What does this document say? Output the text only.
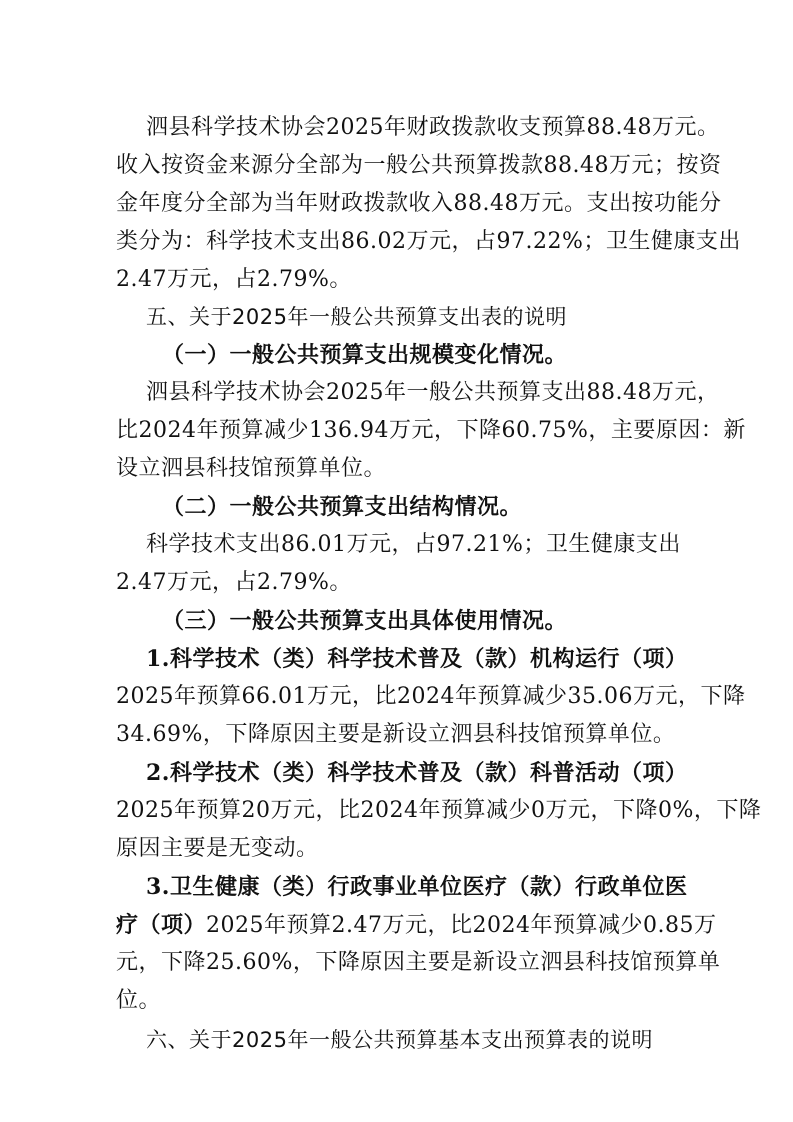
泗县科学技术协会2025年财政拨款收支预算88.48万元。
收入按资金来源分全部为一般公共预算拨款88.48万元；按资
金年度分全部为当年财政拨款收入88.48万元。支出按功能分
类分为：科学技术支出86.02万元，占97.22%；卫生健康支出
2.47万元，占2.79%。
五、关于2025年一般公共预算支出表的说明
（一）一般公共预算支出规模变化情况。
泗县科学技术协会2025年一般公共预算支出88.48万元，
比2024年预算减少136.94万元，下降60.75%，主要原因：新
设立泗县科技馆预算单位。
（二）一般公共预算支出结构情况。
科学技术支出86.01万元，占97.21%；卫生健康支出
2.47万元，占2.79%。
（三）一般公共预算支出具体使用情况。
1.科学技术（类）科学技术普及（款）机构运行（项）
2025年预算66.01万元，比2024年预算减少35.06万元，下降
34.69%，下降原因主要是新设立泗县科技馆预算单位。
2.科学技术（类）科学技术普及（款）科普活动（项）
2025年预算20万元，比2024年预算减少0万元，下降0%，下降
原因主要是无变动。
3.卫生健康（类）行政事业单位医疗（款）行政单位医
疗（项）2025年预算2.47万元，比2024年预算减少0.85万
元，下降25.60%，下降原因主要是新设立泗县科技馆预算单
位。
六、关于2025年一般公共预算基本支出预算表的说明
